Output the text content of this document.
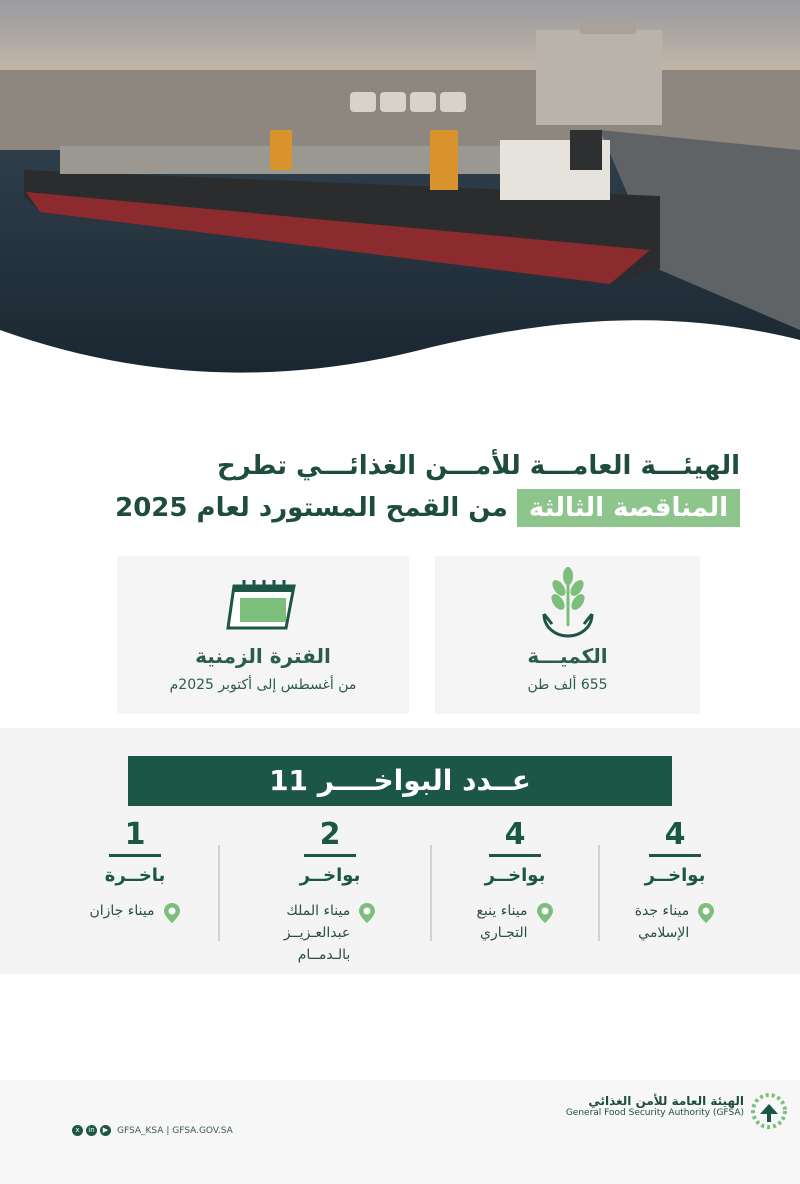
الهيئـــة العامـــة للأمـــن الغذائـــي تطرح
المناقصة الثالثة من القمح المستورد لعام 2025
الكميـــة
655 ألف طن
الفترة الزمنية
من أغسطس إلى أكتوبر 2025م
عــدد البواخــــر 11
4
بواخــر
ميناء جدة
الإسلامي
4
بواخــر
ميناء ينبع
التجـاري
2
بواخــر
ميناء الملك
عبدالعـزيــز
بالـدمــام
1
باخــرة
ميناء جازان
x	in	▶ GFSA_KSA | GFSA.GOV.SA
الهيئة العامة للأمن الغذائي
General Food Security Authority (GFSA)
